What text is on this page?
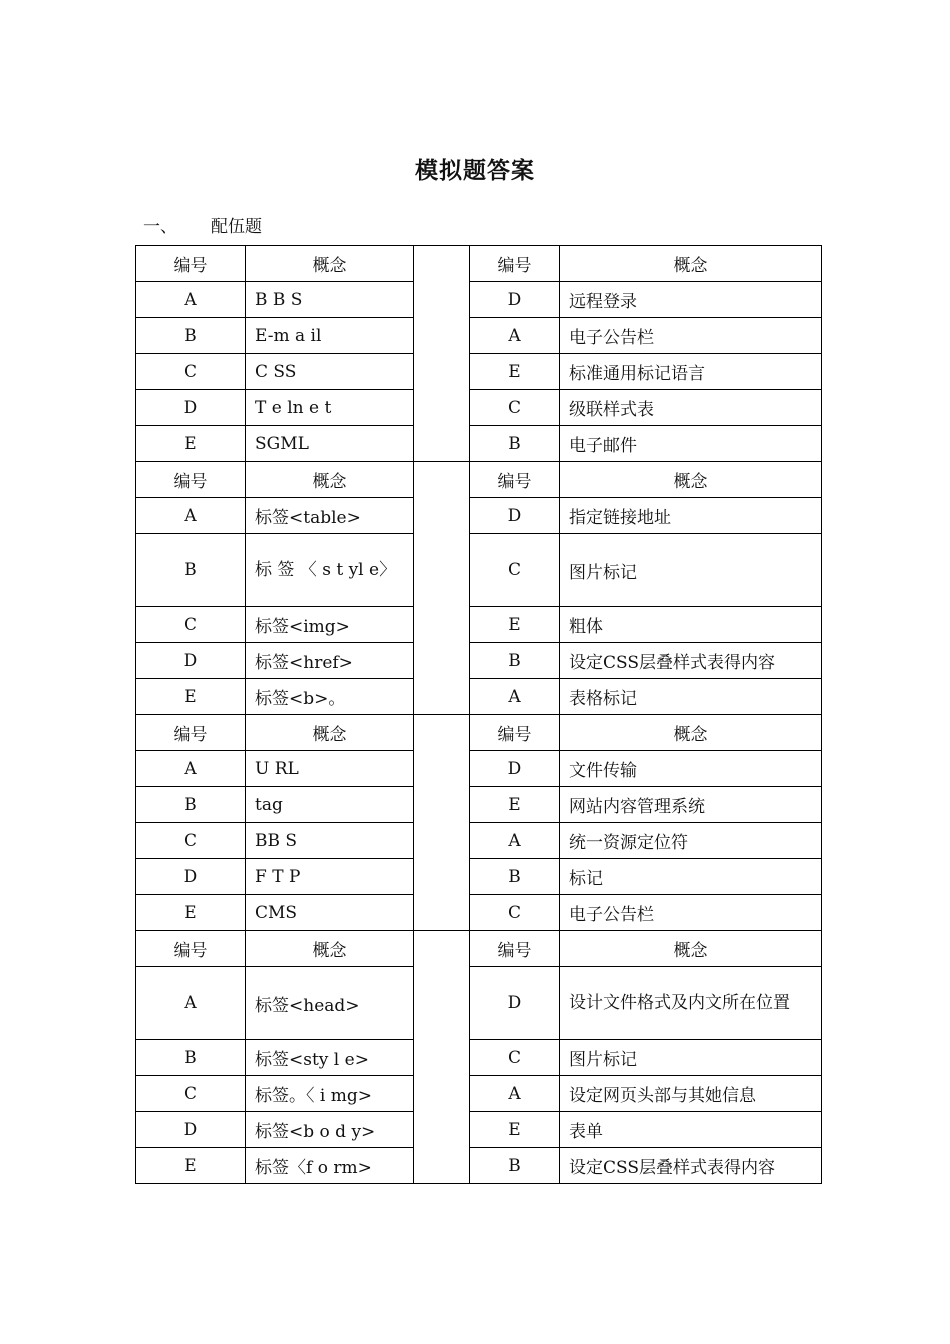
模拟题答案
一、 配伍题
编号	概念		编号	概念
A	B B S		D	远程登录
B	E-m a il		A	电子公告栏
C	C SS		E	标准通用标记语言
D	T e ln e t		C	级联样式表
E	SGML		B	电子邮件
编号	概念		编号	概念
A	标签<table>		D	指定链接地址
B	标 签 〈 s t yl e〉		C	图片标记
C	标签<img>		E	粗体
D	标签<href>		B	设定CSS层叠样式表得内容
E	标签<b>。		A	表格标记
编号	概念		编号	概念
A	U RL		D	文件传输
B	tag		E	网站内容管理系统
C	BB S		A	统一资源定位符
D	F T P		B	标记
E	CMS		C	电子公告栏
编号	概念		编号	概念
A	标签<head>		D	设计文件格式及内文所在位置
B	标签<sty l e>		C	图片标记
C	标签。〈 i mg>		A	设定网页头部与其她信息
D	标签<b o d y>		E	表单
E	标签〈f o rm>		B	设定CSS层叠样式表得内容
